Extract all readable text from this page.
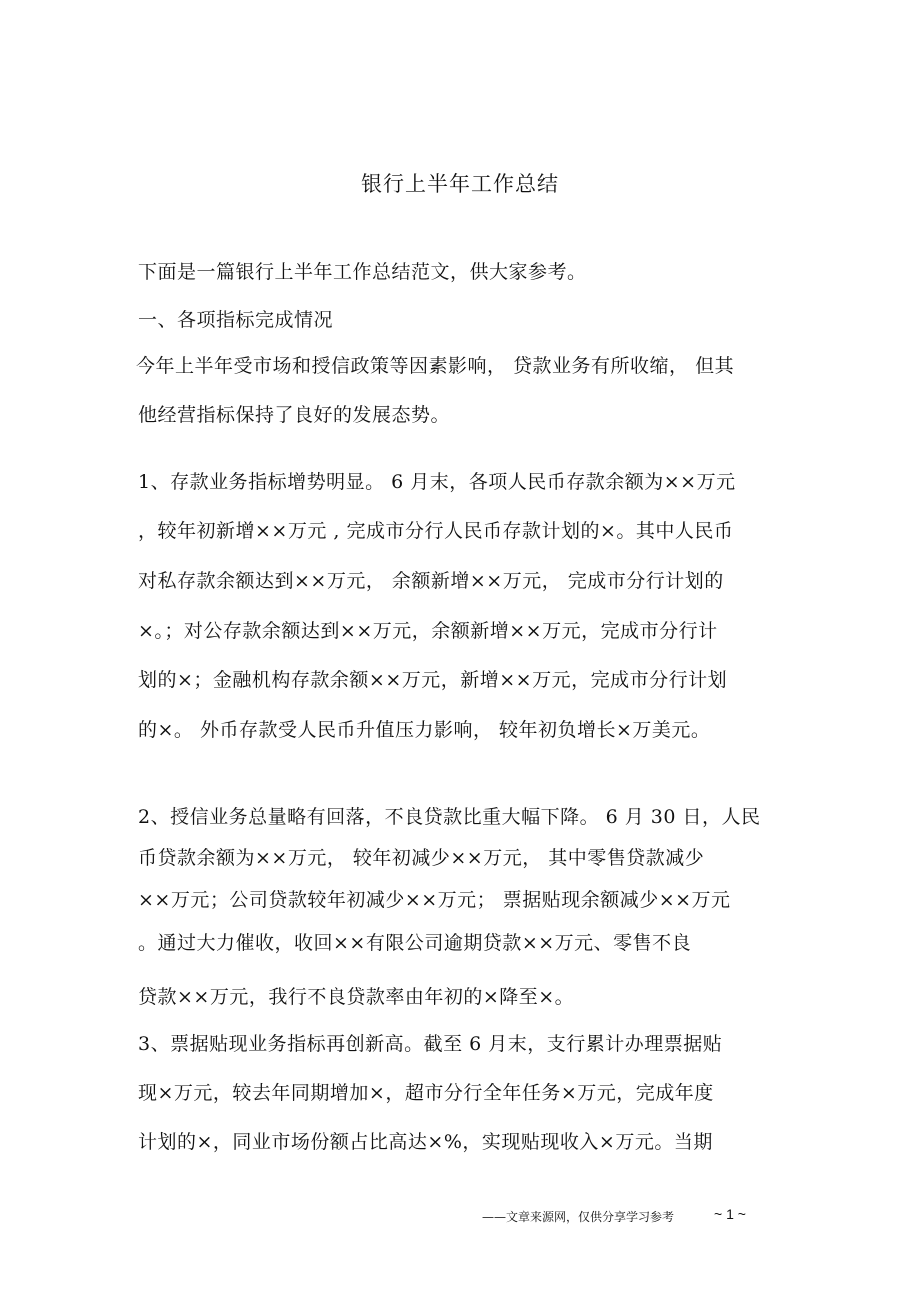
银行上半年工作总结
下面是一篇银行上半年工作总结范文，供大家参考。
一、各项指标完成情况
今年上半年受市场和授信政策等因素影响， 贷款业务有所收缩， 但其
他经营指标保持了良好的发展态势。
1、存款业务指标增势明显。 6 月末，各项人民币存款余额为××万元
，较年初新增××万元 , 完成市分行人民币存款计划的×。其中人民币
对私存款余额达到××万元， 余额新增××万元， 完成市分行计划的
×。；对公存款余额达到××万元，余额新增××万元，完成市分行计
划的×；金融机构存款余额××万元，新增××万元，完成市分行计划
的×。 外币存款受人民币升值压力影响， 较年初负增长×万美元。
2、授信业务总量略有回落，不良贷款比重大幅下降。 6 月 30 日，人民
币贷款余额为××万元， 较年初减少××万元， 其中零售贷款减少
××万元；公司贷款较年初减少××万元； 票据贴现余额减少××万元
。通过大力催收，收回××有限公司逾期贷款××万元、零售不良
贷款××万元，我行不良贷款率由年初的×降至×。
3、票据贴现业务指标再创新高。截至 6 月末，支行累计办理票据贴
现×万元，较去年同期增加×，超市分行全年任务×万元，完成年度
计划的×，同业市场份额占比高达×%，实现贴现收入×万元。当期
——文章来源网，仅供分享学习参考	~ 1 ~
